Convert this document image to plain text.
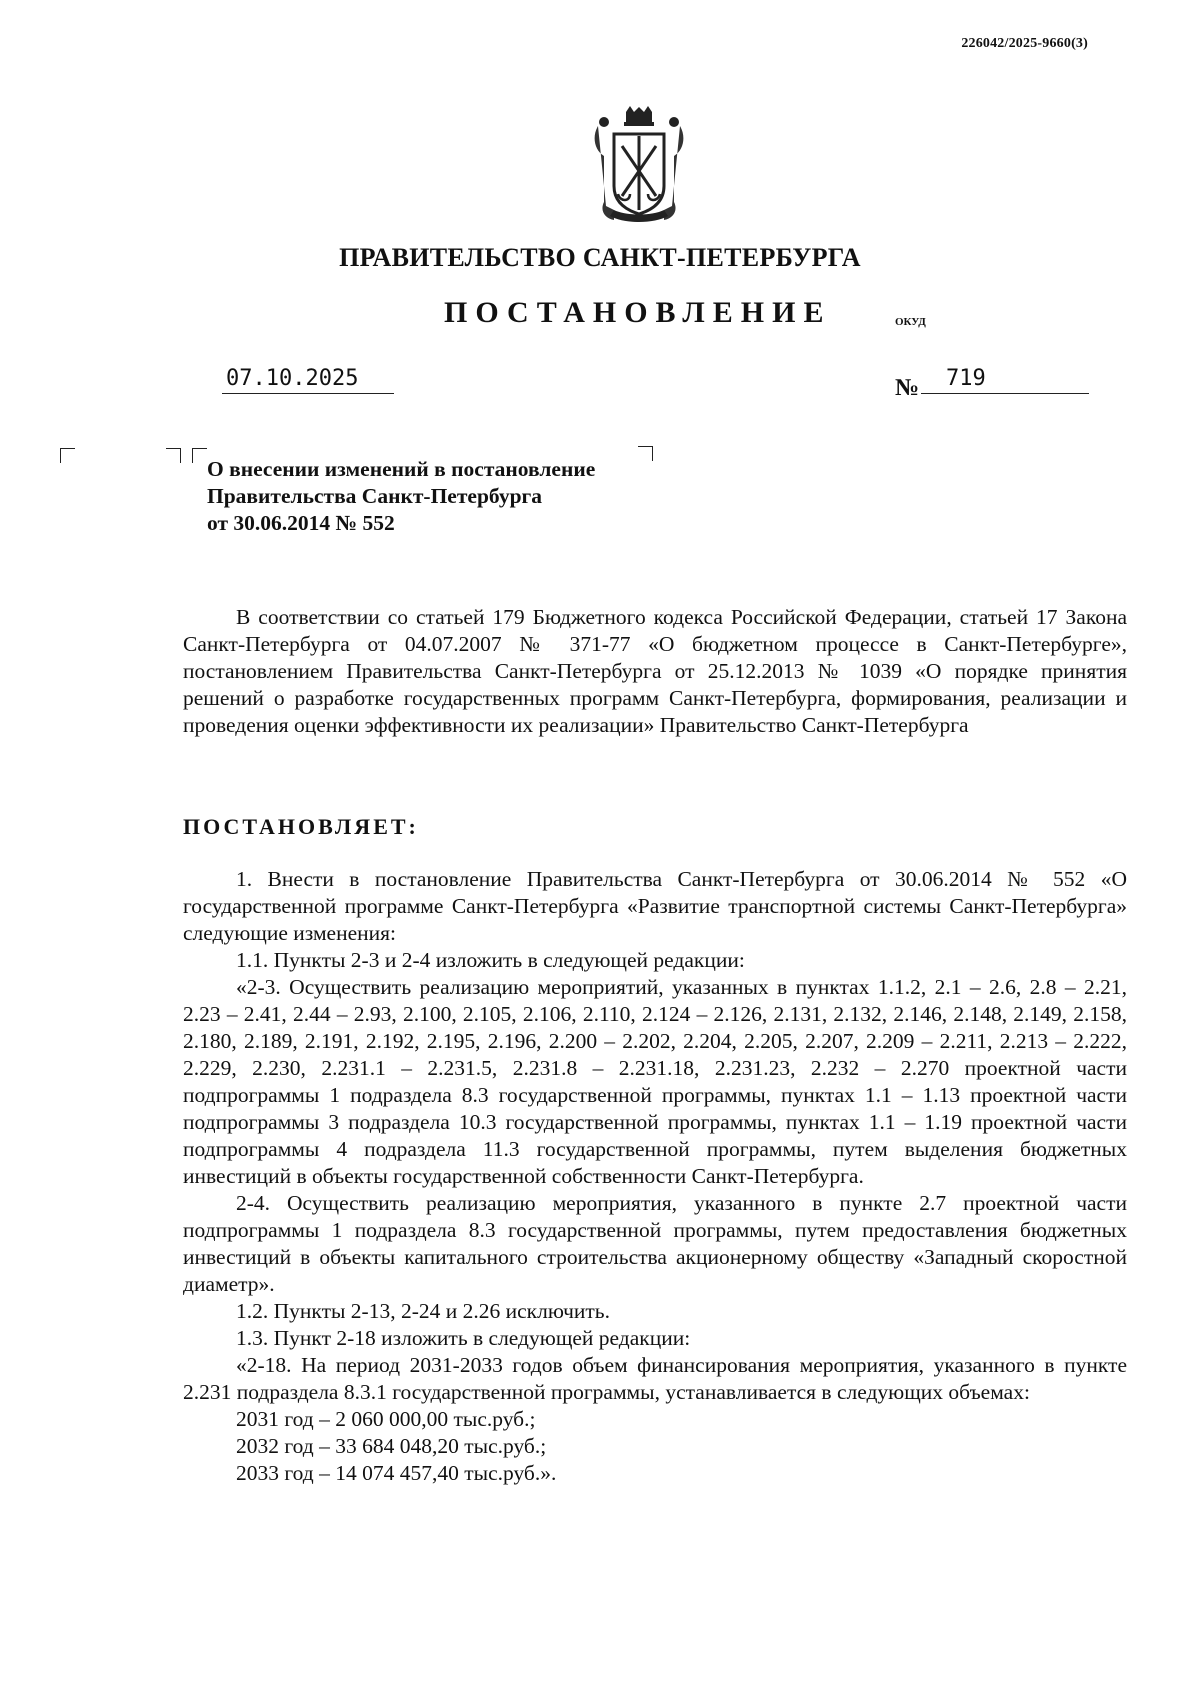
226042/2025-9660(3)
ПРАВИТЕЛЬСТВО САНКТ-ПЕТЕРБУРГА
ПОСТАНОВЛЕНИЕ	ОКУД
07.10.2025	№	719
О внесении изменений в постановление
Правительства Санкт-Петербурга
от 30.06.2014 № 552

В соответствии со статьей 179 Бюджетного кодекса Российской Федерации, статьей 17 Закона Санкт-Петербурга от 04.07.2007 № 371-77 «О бюджетном процессе в Санкт-Петербурге», постановлением Правительства Санкт-Петербурга от 25.12.2013 № 1039 «О порядке принятия решений о разработке государственных программ Санкт-Петербурга, формирования, реализации и проведения оценки эффективности их реализации» Правительство Санкт-Петербурга

ПОСТАНОВЛЯЕТ:

1. Внести в постановление Правительства Санкт-Петербурга от 30.06.2014 № 552 «О государственной программе Санкт-Петербурга «Развитие транспортной системы Санкт-Петербурга» следующие изменения:

1.1. Пункты 2-3 и 2-4 изложить в следующей редакции:

«2-3. Осуществить реализацию мероприятий, указанных в пунктах 1.1.2, 2.1 – 2.6, 2.8 – 2.21, 2.23 – 2.41, 2.44 – 2.93, 2.100, 2.105, 2.106, 2.110, 2.124 – 2.126, 2.131, 2.132, 2.146, 2.148, 2.149, 2.158, 2.180, 2.189, 2.191, 2.192, 2.195, 2.196, 2.200 – 2.202, 2.204, 2.205, 2.207, 2.209 – 2.211, 2.213 – 2.222, 2.229, 2.230, 2.231.1 – 2.231.5, 2.231.8 – 2.231.18, 2.231.23, 2.232 – 2.270 проектной части подпрограммы 1 подраздела 8.3 государственной программы, пунктах 1.1 – 1.13 проектной части подпрограммы 3 подраздела 10.3 государственной программы, пунктах 1.1 – 1.19 проектной части подпрограммы 4 подраздела 11.3 государственной программы, путем выделения бюджетных инвестиций в объекты государственной собственности Санкт-Петербурга.

2-4. Осуществить реализацию мероприятия, указанного в пункте 2.7 проектной части подпрограммы 1 подраздела 8.3 государственной программы, путем предоставления бюджетных инвестиций в объекты капитального строительства акционерному обществу «Западный скоростной диаметр».

1.2. Пункты 2-13, 2-24 и 2.26 исключить.

1.3. Пункт 2-18 изложить в следующей редакции:

«2-18. На период 2031-2033 годов объем финансирования мероприятия, указанного в пункте 2.231 подраздела 8.3.1 государственной программы, устанавливается в следующих объемах:

2031 год – 2 060 000,00 тыс.руб.;

2032 год – 33 684 048,20 тыс.руб.;

2033 год – 14 074 457,40 тыс.руб.».
